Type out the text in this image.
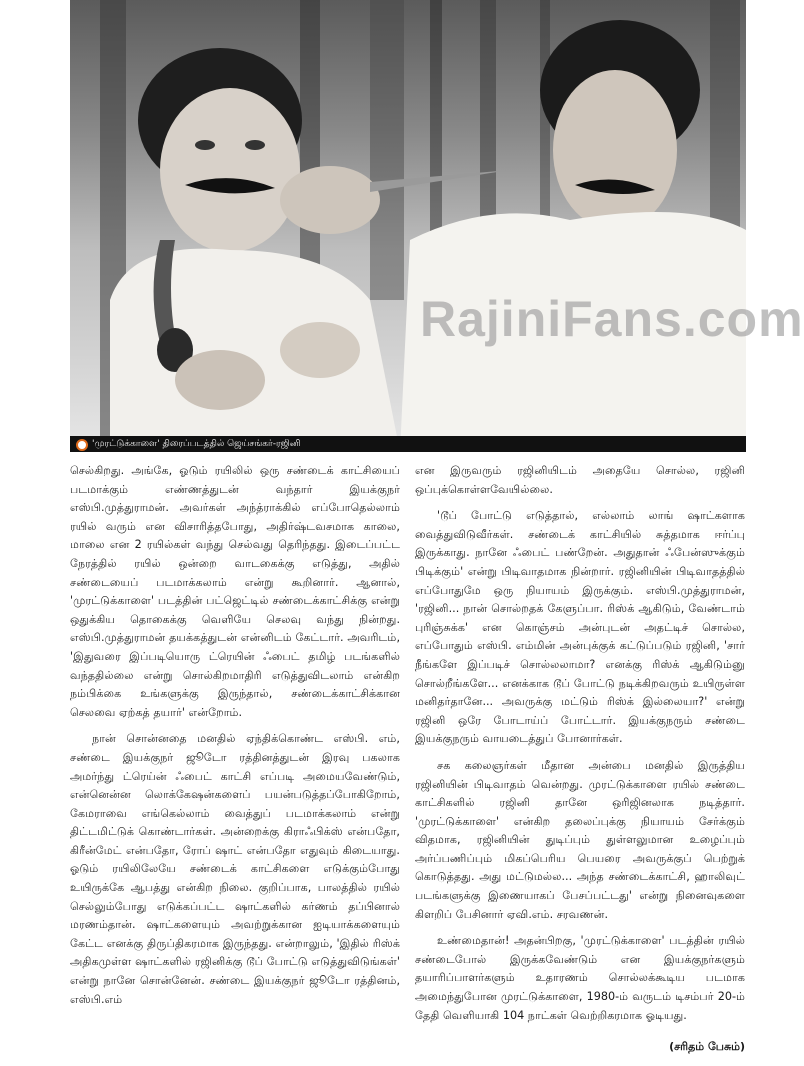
RajiniFans.com
'முரட்டுக்காளை' திரைப்படத்தில் ஜெய்சங்கர்-ரஜினி

செல்கிறது. அங்கே, ஓடும் ரயிலில் ஒரு சண்டைக் காட்சியைப் படமாக்கும் எண்ணத்துடன் வந்தார் இயக்குநர் எஸ்பி.முத்துராமன். அவர்கள் அந்த்ராக்கில் எப்போதெல்லாம் ரயில் வரும் என விசாரித்தபோது, அதிர்ஷ்டவசமாக காலை, மாலை என 2 ரயில்கள் வந்து செல்வது தெரிந்தது. இடைப்பட்ட நேரத்தில் ரயில் ஒன்றை வாடகைக்கு எடுத்து, அதில் சண்டையைப் படமாக்கலாம் என்று கூறினார். ஆனால், 'முரட்டுக்காளை' படத்தின் பட்ஜெட்டில் சண்டைக்காட்சிக்கு என்று ஒதுக்கிய தொகைக்கு வெளியே செலவு வந்து நின்றது. எஸ்பி.முத்துராமன் தயக்கத்துடன் என்னிடம் கேட்டார். அவரிடம், 'இதுவரை இப்படியொரு ட்ரெயின் ஃபைட் தமிழ் படங்களில் வந்ததில்லை என்று சொல்கிறமாதிரி எடுத்துவிடலாம் என்கிற நம்பிக்கை உங்களுக்கு இருந்தால், சண்டைக்காட்சிக்கான செலவை ஏற்கத் தயார்' என்றோம்.

நான் சொன்னதை மனதில் ஏந்திக்கொண்ட எஸ்பி. எம், சண்டை இயக்குநர் ஜூடோ ரத்தினத்துடன் இரவு பகலாக அமர்ந்து ட்ரெய்ன் ஃபைட் காட்சி எப்படி அமையவேண்டும், என்னென்ன லொக்கேஷன்களைப் பயன்படுத்தப்போகிறோம், கேமராவை எங்கெல்லாம் வைத்துப் படமாக்கலாம் என்று திட்டமிட்டுக் கொண்டார்கள். அன்றைக்கு கிராஃபிக்ஸ் என்பதோ, கிரீன்மேட் என்பதோ, ரோப் ஷாட் என்பதோ எதுவும் கிடையாது. ஓடும் ரயிலிலேயே சண்டைக் காட்சிகளை எடுக்கும்போது உயிருக்கே ஆபத்து என்கிற நிலை. குறிப்பாக, பாலத்தில் ரயில் செல்லும்போது எடுக்கப்பட்ட ஷாட்களில் கர்ணம் தப்பினால் மரணம்தான். ஷாட்களையும் அவற்றுக்கான ஐடியாக்களையும் கேட்ட எனக்கு திருப்திகரமாக இருந்தது. என்றாலும், 'இதில் ரிஸ்க் அதிகமுள்ள ஷாட்களில் ரஜினிக்கு டூப் போட்டு எடுத்துவிடுங்கள்' என்று நானே சொன்னேன். சண்டை இயக்குநர் ஜூடோ ரத்தினம், எஸ்பி.எம்

என இருவரும் ரஜினியிடம் அதையே சொல்ல, ரஜினி ஒப்புக்கொள்ளவேயில்லை.

'டூப் போட்டு எடுத்தால், எல்லாம் லாங் ஷாட்களாக வைத்துவிடுவீர்கள். சண்டைக் காட்சியில் சுத்தமாக ஈர்ப்பு இருக்காது. நானே ஃபைட் பண்றேன். அதுதான் ஃபேன்ஸுக்கும் பிடிக்கும்' என்று பிடிவாதமாக நின்றார். ரஜினியின் பிடிவாதத்தில் எப்போதுமே ஒரு நியாயம் இருக்கும். எஸ்பி.முத்துராமன், 'ரஜினி... நான் சொல்றதக் கேளுப்பா. ரிஸ்க் ஆகிடும், வேண்டாம் புரிஞ்சுக்க' என கொஞ்சம் அன்புடன் அதட்டிச் சொல்ல, எப்போதும் எஸ்பி. எம்மின் அன்புக்குக் கட்டுப்படும் ரஜினி, 'சார் நீங்களே இப்படிச் சொல்லலாமா? எனக்கு ரிஸ்க் ஆகிடும்னு சொல்றீங்களே... எனக்காக டூப் போட்டு நடிக்கிறவரும் உயிருள்ள மனிதர்தானே... அவருக்கு மட்டும் ரிஸ்க் இல்லையா?' என்று ரஜினி ஒரே போடாய்ப் போட்டார். இயக்குநரும் சண்டை இயக்குநரும் வாயடைத்துப் போனார்கள்.

சக கலைஞர்கள் மீதான அன்பை மனதில் இருத்திய ரஜினியின் பிடிவாதம் வென்றது. முரட்டுக்காளை ரயில் சண்டை காட்சிகளில் ரஜினி தானே ஒரிஜினலாக நடித்தார். 'முரட்டுக்காளை' என்கிற தலைப்புக்கு நியாயம் சேர்க்கும் விதமாக, ரஜினியின் துடிப்பும் துள்ளலுமான உழைப்பும் அர்ப்பணிப்பும் மிகப்பெரிய பெயரை அவருக்குப் பெற்றுக் கொடுத்தது. அது மட்டுமல்ல... அந்த சண்டைக்காட்சி, ஹாலிவுட் படங்களுக்கு இணையாகப் பேசப்பட்டது' என்று நினைவுகளை கிளறிப் பேசினார் ஏவி.எம். சரவணன்.

உண்மைதான்! அதன்பிறகு, 'முரட்டுக்காளை' படத்தின் ரயில் சண்டைபோல் இருக்கவேண்டும் என இயக்குநர்களும் தயாரிப்பாளர்களும் உதாரணம் சொல்லக்கூடிய படமாக அமைந்துபோன முரட்டுக்காளை, 1980-ம் வருடம் டிசம்பர் 20-ம் தேதி வெளியாகி 104 நாட்கள் வெற்றிகரமாக ஓடியது.

(சரிதம் பேசும்)
